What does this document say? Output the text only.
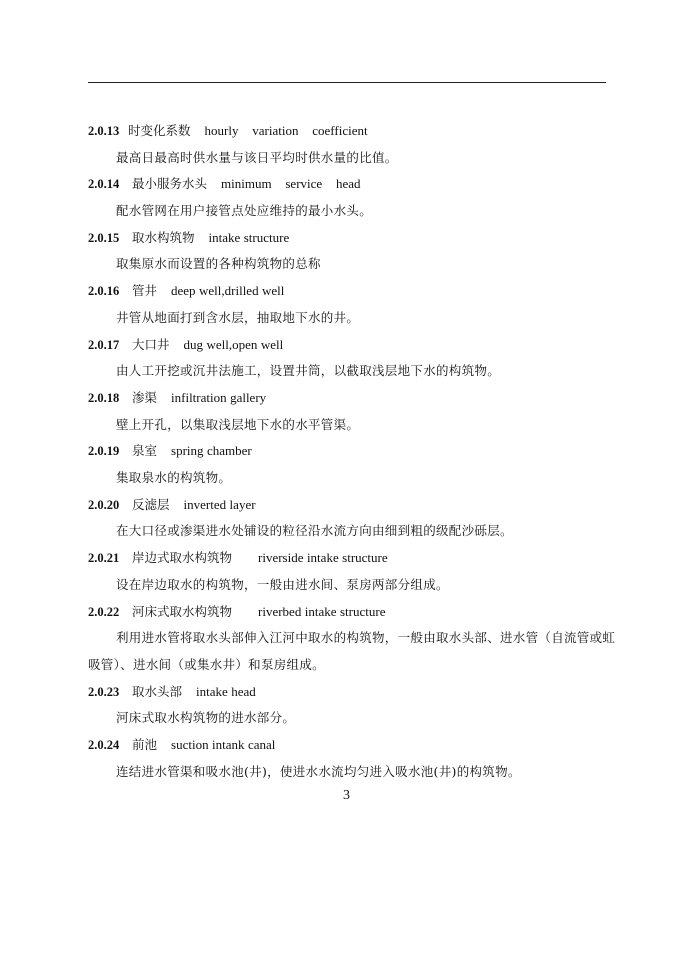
2.0.13 时变化系数 hourly    variation    coefficient

最高日最高时供水量与该日平均时供水量的比值。

2.0.14 最小服务水头 minimum    service    head

配水管网在用户接管点处应维持的最小水头。

2.0.15 取水构筑物 intake structure

取集原水而设置的各种构筑物的总称

2.0.16 管井 deep well,drilled well

井管从地面打到含水层，抽取地下水的井。

2.0.17 大口井 dug well,open well

由人工开挖或沉井法施工，设置井筒，以截取浅层地下水的构筑物。

2.0.18 渗渠 infiltration gallery

壁上开孔，以集取浅层地下水的水平管渠。

2.0.19 泉室 spring chamber

集取泉水的构筑物。

2.0.20 反滤层 inverted layer

在大口径或渗渠进水处铺设的粒径沿水流方向由细到粗的级配沙砾层。

2.0.21 岸边式取水构筑物 riverside intake structure

设在岸边取水的构筑物，一般由进水间、泵房两部分组成。

2.0.22 河床式取水构筑物 riverbed intake structure

利用进水管将取水头部伸入江河中取水的构筑物，一般由取水头部、进水管（自流管或虹吸管）、进水间（或集水井）和泵房组成。

2.0.23 取水头部 intake head

河床式取水构筑物的进水部分。

2.0.24 前池 suction intank canal

连结进水管渠和吸水池(井)，使进水水流均匀进入吸水池(井)的构筑物。

3
